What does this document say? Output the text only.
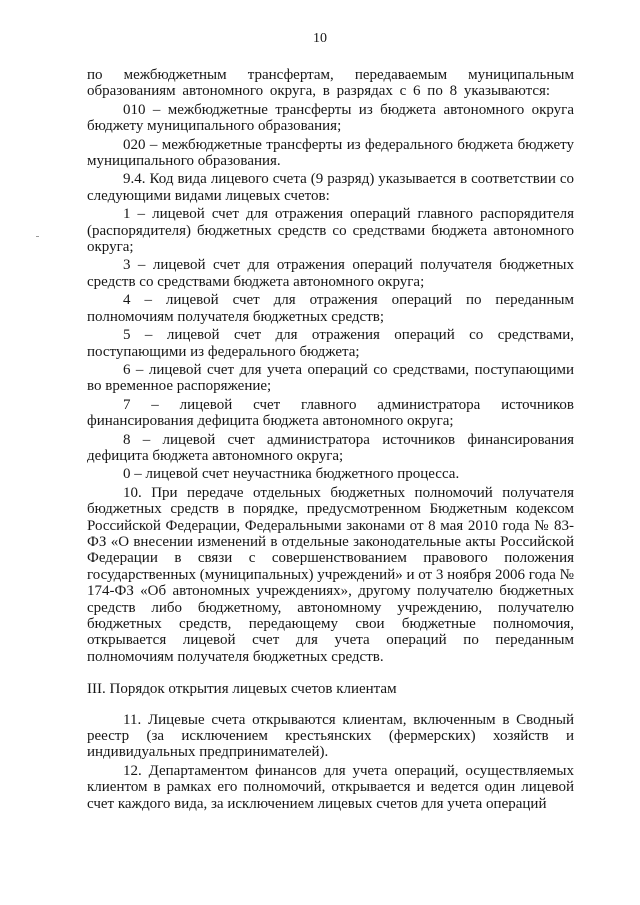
10

по межбюджетным трансфертам, передаваемым муниципальным образованиям автономного округа, в разрядах с 6 по 8 указываются:

010 – межбюджетные трансферты из бюджета автономного округа бюджету муниципального образования;

020 – межбюджетные трансферты из федерального бюджета бюджету муниципального образования.

9.4. Код вида лицевого счета (9 разряд) указывается в соответствии со следующими видами лицевых счетов:

1 – лицевой счет для отражения операций главного распорядителя (распорядителя) бюджетных средств со средствами бюджета автономного округа;

3 – лицевой счет для отражения операций получателя бюджетных средств со средствами бюджета автономного округа;

4 – лицевой счет для отражения операций по переданным полномочиям получателя бюджетных средств;

5 – лицевой счет для отражения операций со средствами, поступающими из федерального бюджета;

6 – лицевой счет для учета операций со средствами, поступающими во временное распоряжение;

7 – лицевой счет главного администратора источников финансирования дефицита бюджета автономного округа;

8 – лицевой счет администратора источников финансирования дефицита бюджета автономного округа;

0 – лицевой счет неучастника бюджетного процесса.

10. При передаче отдельных бюджетных полномочий получателя бюджетных средств в порядке, предусмотренном Бюджетным кодексом Российской Федерации, Федеральными законами от 8 мая 2010 года № 83-ФЗ «О внесении изменений в отдельные законодательные акты Российской Федерации в связи с совершенствованием правового положения государственных (муниципальных) учреждений» и от 3 ноября 2006 года № 174-ФЗ «Об автономных учреждениях», другому получателю бюджетных средств либо бюджетному, автономному учреждению, получателю бюджетных средств, передающему свои бюджетные полномочия, открывается лицевой счет для учета операций по переданным полномочиям получателя бюджетных средств.

III. Порядок открытия лицевых счетов клиентам

11. Лицевые счета открываются клиентам, включенным в Сводный реестр (за исключением крестьянских (фермерских) хозяйств и индивидуальных предпринимателей).

12. Департаментом финансов для учета операций, осуществляемых клиентом в рамках его полномочий, открывается и ведется один лицевой счет каждого вида, за исключением лицевых счетов для учета операций
